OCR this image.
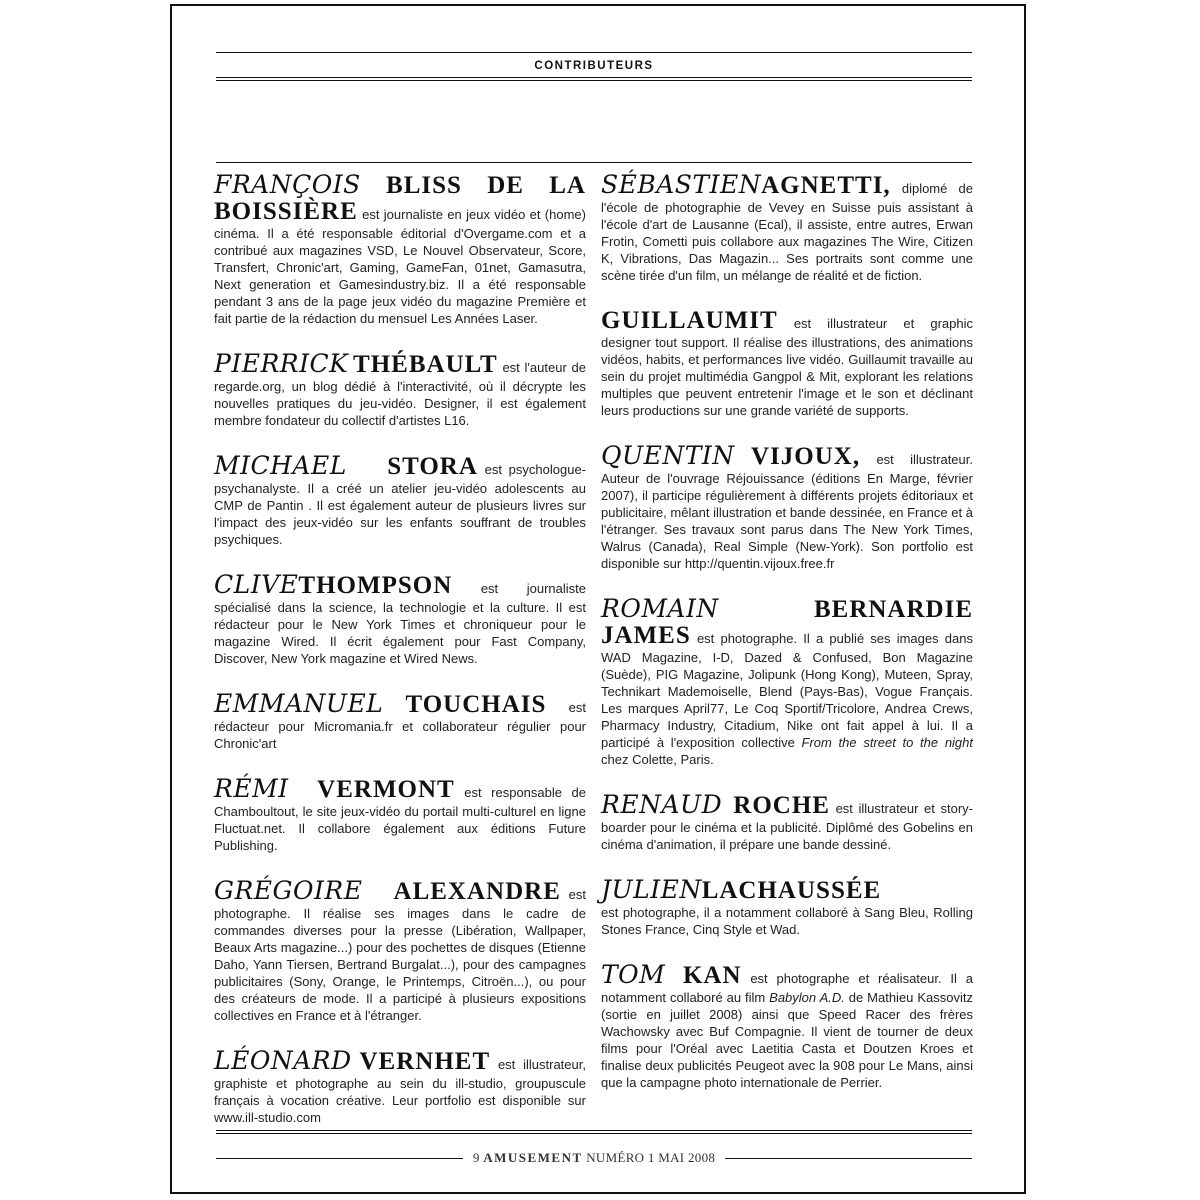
CONTRIBUTEURS

FRANÇOIS BLISS DE LA
BOISSIÈRE est journaliste en jeux vidéo et (home) cinéma. Il a été responsable éditorial d'Overgame.com et a contribué aux magazines VSD, Le Nouvel Observateur, Score, Transfert, Chronic'art, Gaming, GameFan, 01net, Gamasutra, Next generation et Gamesindustry.biz. Il a été responsable pendant 3 ans de la page jeux vidéo du magazine Première et fait partie de la rédaction du mensuel Les Années Laser.

PIERRICK THÉBAULT est l'auteur de regarde.org, un blog dédié à l'interactivité, où il décrypte les nouvelles pratiques du jeu-vidéo. Designer, il est également membre fondateur du collectif d'artistes L16.

MICHAEL STORA est psychologue-psychanalyste. Il a créé un atelier jeu-vidéo adolescents au CMP de Pantin . Il est également auteur de plusieurs livres sur l'impact des jeux-vidéo sur les enfants souffrant de troubles psychiques.

CLIVETHOMPSON est journaliste spécialisé dans la science, la technologie et la culture. Il est rédacteur pour le New York Times et chroniqueur pour le magazine Wired. Il écrit également pour Fast Company, Discover, New York magazine et Wired News.

EMMANUEL TOUCHAIS est rédacteur pour Micromania.fr et collaborateur régulier pour Chronic'art

RÉMI VERMONT est responsable de Chamboultout, le site jeux-vidéo du portail multi-culturel en ligne Fluctuat.net. Il collabore également aux éditions Future Publishing.

GRÉGOIRE ALEXANDRE est photographe. Il réalise ses images dans le cadre de commandes diverses pour la presse (Libération, Wallpaper, Beaux Arts magazine...) pour des pochettes de disques (Etienne Daho, Yann Tiersen, Bertrand Burgalat...), pour des campagnes publicitaires (Sony, Orange, le Printemps, Citroën...), ou pour des créateurs de mode. Il a participé à plusieurs expositions collectives en France et à l'étranger.

LÉONARD VERNHET est illustrateur, graphiste et photographe au sein du ill-studio, groupuscule français à vocation créative. Leur portfolio est disponible sur www.ill-studio.com

SÉBASTIENAGNETTI, diplomé de l'école de photographie de Vevey en Suisse puis assistant à l'école d'art de Lausanne (Ecal), il assiste, entre autres, Erwan Frotin, Cometti puis collabore aux magazines The Wire, Citizen K, Vibrations, Das Magazin... Ses portraits sont comme une scène tirée d'un film, un mélange de réalité et de fiction.

GUILLAUMIT est illustrateur et graphic designer tout support. Il réalise des illustrations, des animations vidéos, habits, et performances live vidéo. Guillaumit travaille au sein du projet multimédia Gangpol & Mit, explorant les relations multiples que peuvent entretenir l'image et le son et déclinant leurs productions sur une grande variété de supports.

QUENTIN VIJOUX, est illustrateur. Auteur de l'ouvrage Réjouissance (éditions En Marge, février 2007), il participe régulièrement à différents projets éditoriaux et publicitaire, mêlant illustration et bande dessinée, en France et à l'étranger. Ses travaux sont parus dans The New York Times, Walrus (Canada), Real Simple (New-York). Son portfolio est disponible sur http://quentin.vijoux.free.fr

ROMAIN	BERNARDIE JAMES est photographe. Il a publié ses images dans WAD Magazine, I-D, Dazed & Confused, Bon Magazine (Suède), PIG Magazine, Jolipunk (Hong Kong), Muteen, Spray, Technikart Mademoiselle, Blend (Pays-Bas), Vogue Français. Les marques April77, Le Coq Sportif/Tricolore, Andrea Crews, Pharmacy Industry, Citadium, Nike ont fait appel à lui. Il a participé à l'exposition collective From the street to the night chez Colette, Paris.

RENAUD ROCHE est illustrateur et story-boarder pour le cinéma et la publicité. Diplômé des Gobelins en cinéma d'animation, il prépare une bande dessiné.

JULIENLACHAUSSÉE
est photographe, il a notamment collaboré à Sang Bleu, Rolling Stones France, Cinq Style et Wad.

TOM KAN est photographe et réalisateur. Il a notamment collaboré au film Babylon A.D. de Mathieu Kassovitz (sortie en juillet 2008) ainsi que Speed Racer des frères Wachowsky avec Buf Compagnie. Il vient de tourner de deux films pour l'Oréal avec Laetitia Casta et Doutzen Kroes et finalise deux publicités Peugeot avec la 908 pour Le Mans, ainsi que la campagne photo internationale de Perrier.

9 AMUSEMENT NUMÉRO 1 MAI 2008
